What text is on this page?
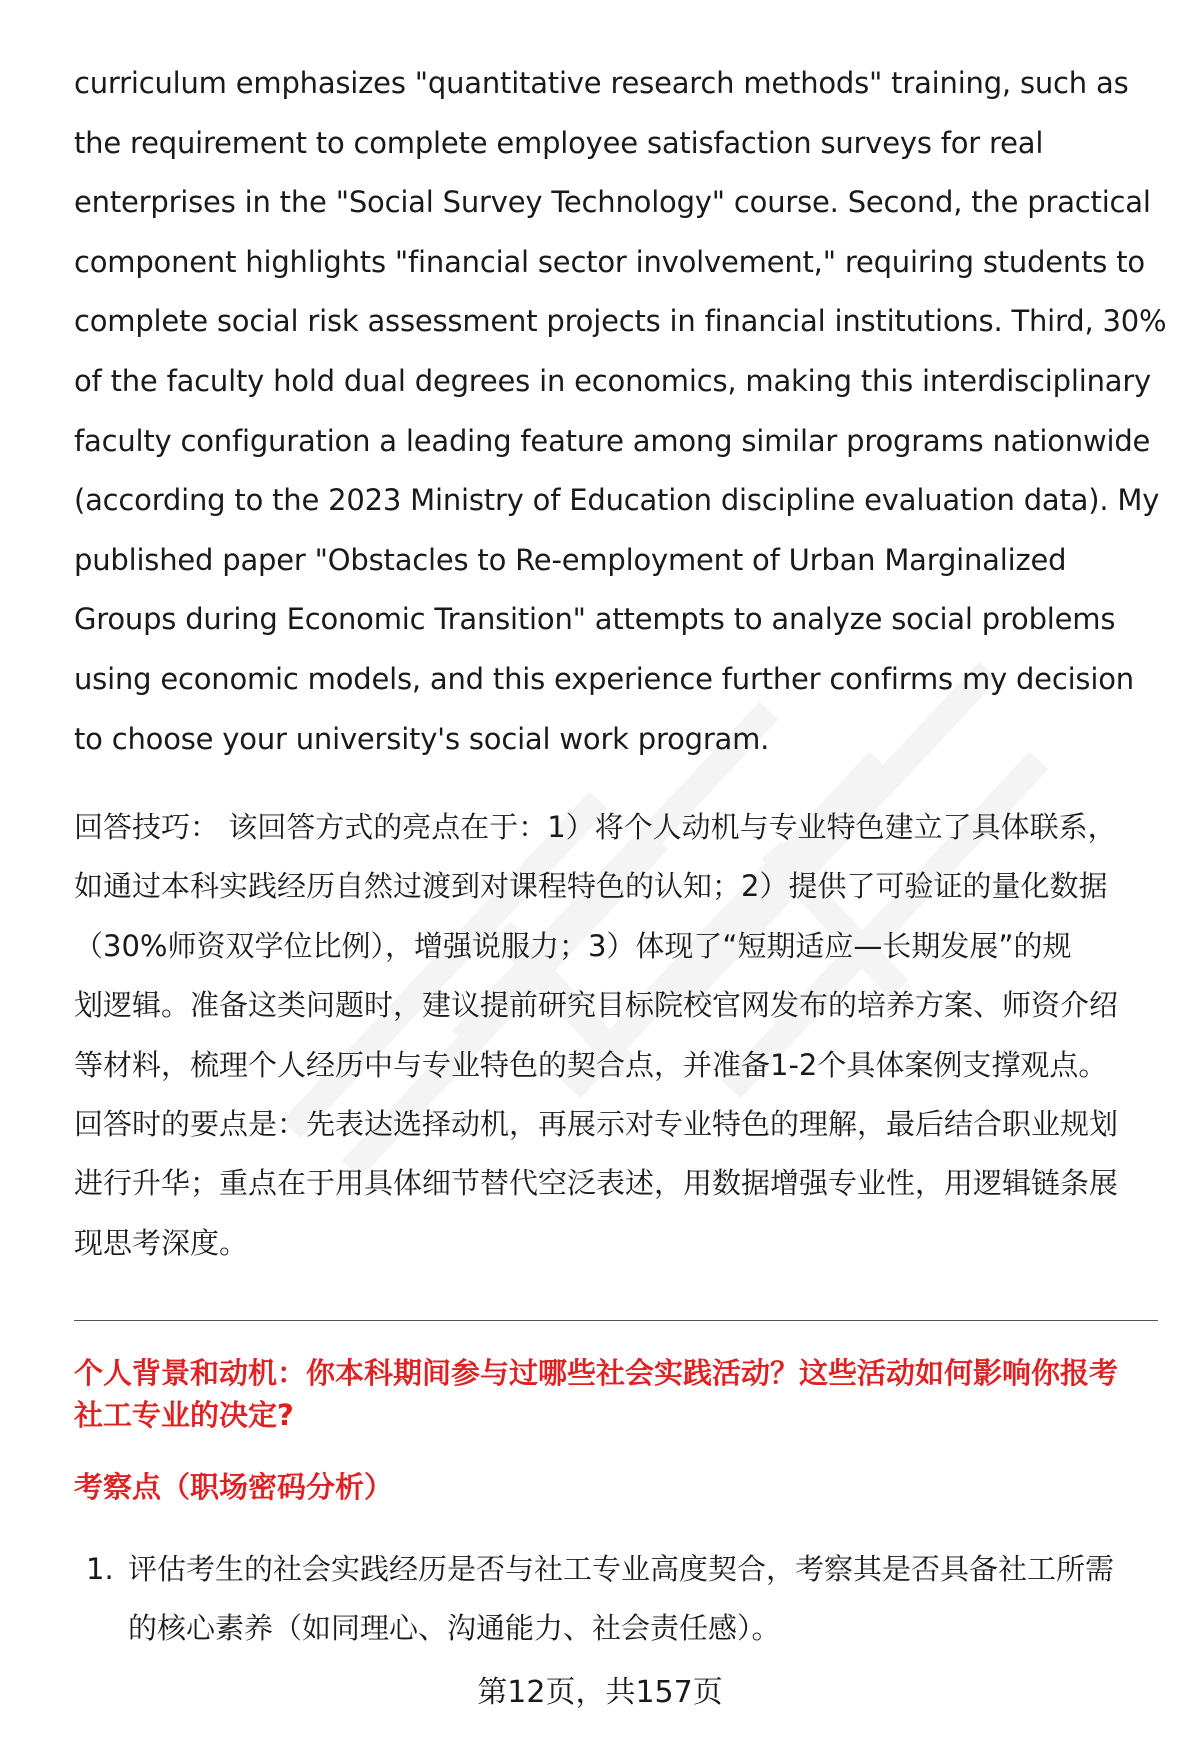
curriculum emphasizes "quantitative research methods" training, such as
the requirement to complete employee satisfaction surveys for real
enterprises in the "Social Survey Technology" course. Second, the practical
component highlights "financial sector involvement," requiring students to
complete social risk assessment projects in financial institutions. Third, 30%
of the faculty hold dual degrees in economics, making this interdisciplinary
faculty configuration a leading feature among similar programs nationwide
(according to the 2023 Ministry of Education discipline evaluation data). My
published paper "Obstacles to Re-employment of Urban Marginalized
Groups during Economic Transition" attempts to analyze social problems
using economic models, and this experience further confirms my decision
to choose your university's social work program.
回答技巧： 该回答方式的亮点在于：1）将个人动机与专业特色建立了具体联系，
如通过本科实践经历自然过渡到对课程特色的认知；2）提供了可验证的量化数据
（30%师资双学位比例），增强说服力；3）体现了“短期适应—长期发展”的规
划逻辑。准备这类问题时，建议提前研究目标院校官网发布的培养方案、师资介绍
等材料，梳理个人经历中与专业特色的契合点，并准备1-2个具体案例支撑观点。
回答时的要点是：先表达选择动机，再展示对专业特色的理解，最后结合职业规划
进行升华；重点在于用具体细节替代空泛表述，用数据增强专业性，用逻辑链条展
现思考深度。
个人背景和动机：你本科期间参与过哪些社会实践活动？这些活动如何影响你报考
社工专业的决定?
考察点（职场密码分析）
1. 评估考生的社会实践经历是否与社工专业高度契合，考察其是否具备社工所需
的核心素养（如同理心、沟通能力、社会责任感）。
第12页，共157页
